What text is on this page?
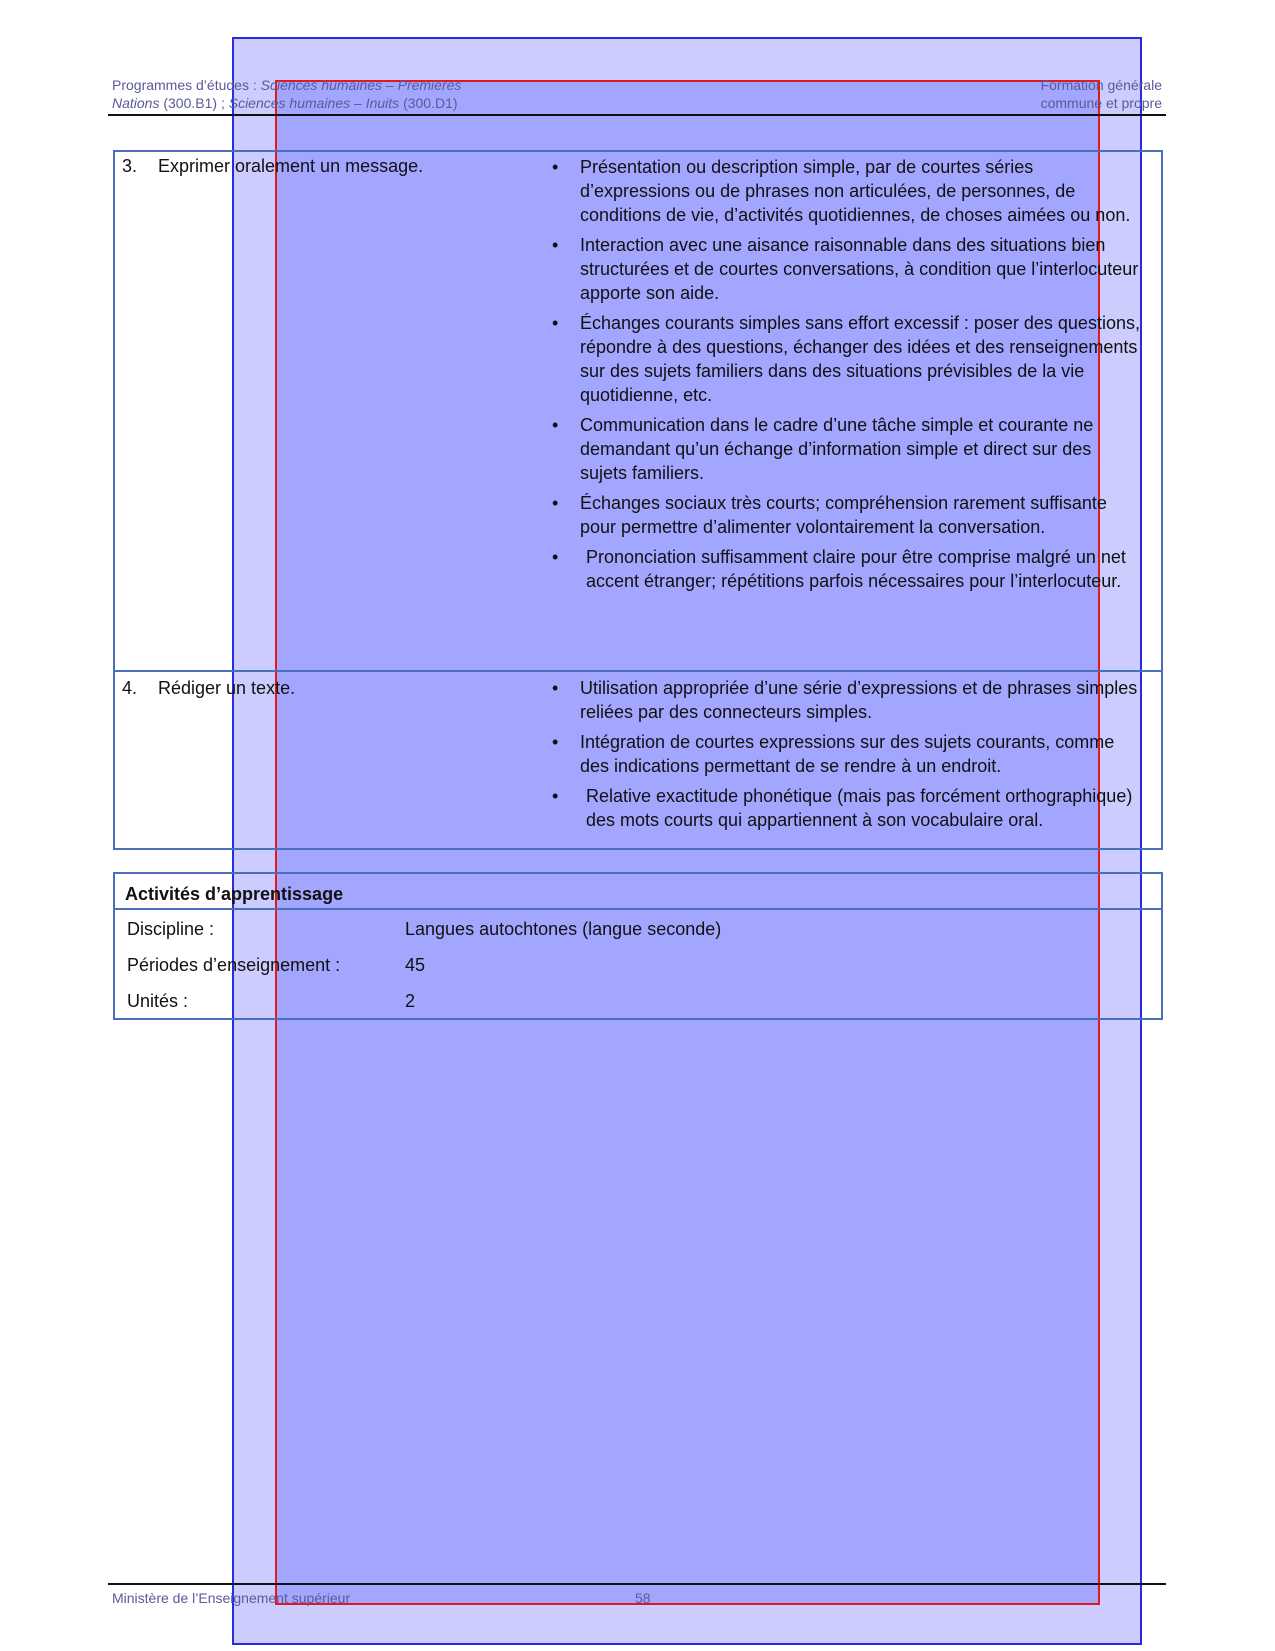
Programmes d’études : Sciences humaines – Premières	Formation générale
Nations (300.B1) ; Sciences humaines – Inuits (300.D1)	commune et propre
3. Exprimer oralement un message. •	Présentation ou description simple, par de courtes séries d’expressions ou de phrases non articulées, de personnes, de conditions de vie, d’activités quotidiennes, de choses aimées ou non.
•
Interaction avec une aisance raisonnable dans des situations bien structurées et de courtes conversations, à condition que l’interlocuteur apporte son aide.
•
Échanges courants simples sans effort excessif : poser des questions, répondre à des questions, échanger des idées et des renseignements sur des sujets familiers dans des situations prévisibles de la vie quotidienne, etc.
•
Communication dans le cadre d’une tâche simple et courante ne demandant qu’un échange d’information simple et direct sur des sujets familiers.
•
Échanges sociaux très courts; compréhension rarement suffisante pour permettre d’alimenter volontairement la conversation.
•
Prononciation suffisamment claire pour être comprise malgré un net accent étranger; répétitions parfois nécessaires pour l’interlocuteur.
4. Rédiger un texte. •	Utilisation appropriée d’une série d’expressions et de phrases simples reliées par des connecteurs simples.
•
Intégration de courtes expressions sur des sujets courants, comme des indications permettant de se rendre à un endroit.
•
Relative exactitude phonétique (mais pas forcément orthographique) des mots courts qui appartiennent à son vocabulaire oral.
Activités d’apprentissage
Discipline :	Langues autochtones (langue seconde)
Périodes d’enseignement :	45
Unités :	2
Ministère de l’Enseignement supérieur	58
